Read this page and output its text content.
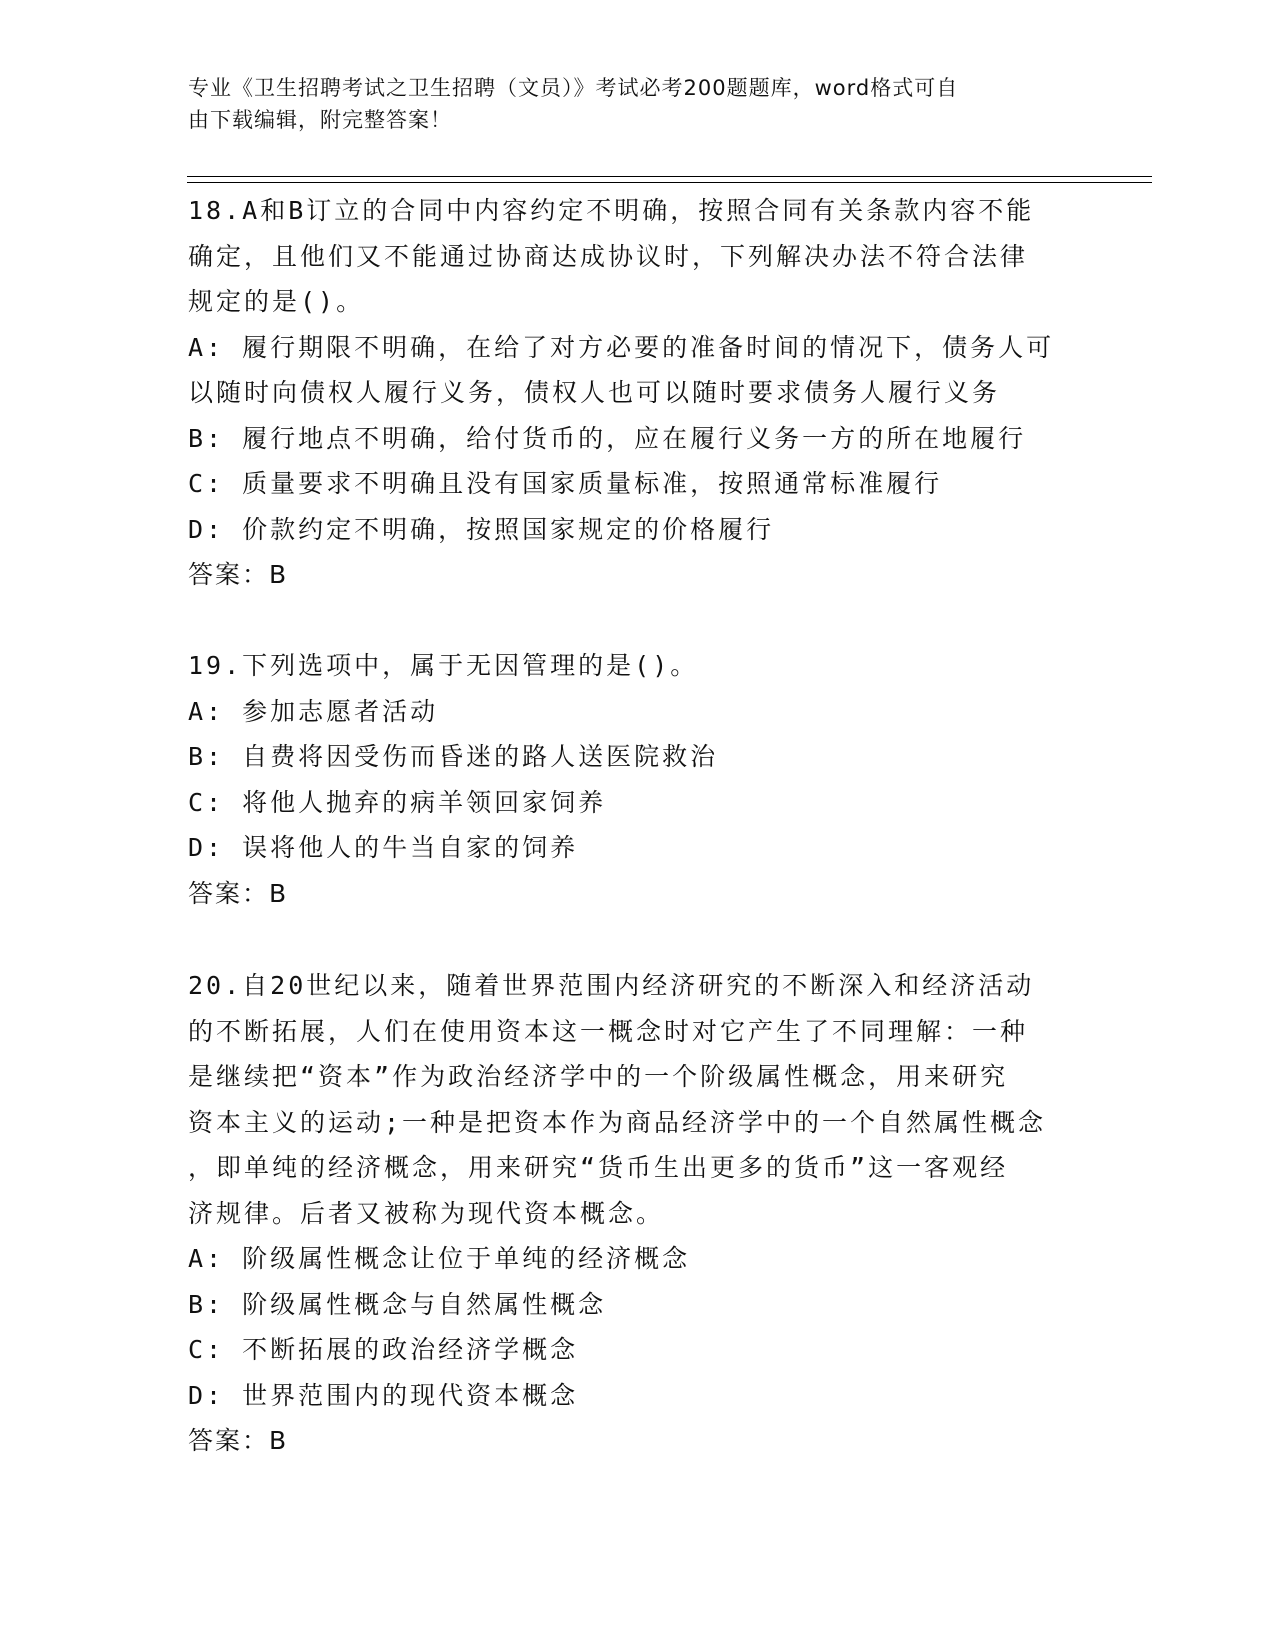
专业《卫生招聘考试之卫生招聘（文员）》考试必考200题题库，word格式可自
由下载编辑，附完整答案！
18.A和B订立的合同中内容约定不明确，按照合同有关条款内容不能
确定，且他们又不能通过协商达成协议时，下列解决办法不符合法律
规定的是()。
A: 履行期限不明确，在给了对方必要的准备时间的情况下，债务人可
以随时向债权人履行义务，债权人也可以随时要求债务人履行义务
B: 履行地点不明确，给付货币的，应在履行义务一方的所在地履行
C: 质量要求不明确且没有国家质量标准，按照通常标准履行
D: 价款约定不明确，按照国家规定的价格履行
答案：B
19.下列选项中，属于无因管理的是()。
A: 参加志愿者活动
B: 自费将因受伤而昏迷的路人送医院救治
C: 将他人抛弃的病羊领回家饲养
D: 误将他人的牛当自家的饲养
答案：B
20.自20世纪以来，随着世界范围内经济研究的不断深入和经济活动
的不断拓展，人们在使用资本这一概念时对它产生了不同理解：一种
是继续把“资本”作为政治经济学中的一个阶级属性概念，用来研究
资本主义的运动;一种是把资本作为商品经济学中的一个自然属性概念
，即单纯的经济概念，用来研究“货币生出更多的货币”这一客观经
济规律。后者又被称为现代资本概念。
A: 阶级属性概念让位于单纯的经济概念
B: 阶级属性概念与自然属性概念
C: 不断拓展的政治经济学概念
D: 世界范围内的现代资本概念
答案：B
